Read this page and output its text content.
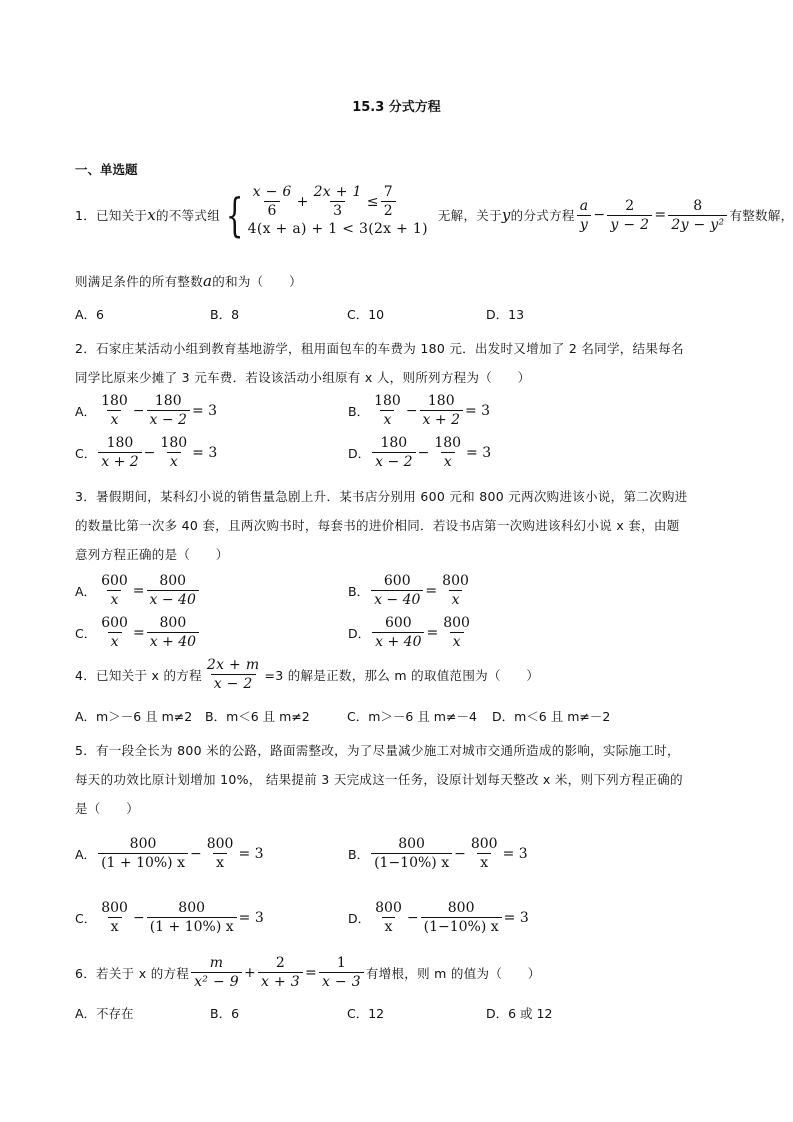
15.3 分式方程
一、单选题
1．已知关于 x 的不等式组 { $\frac{x - 6}{6} + \frac{2x + 1}{3} \le \frac{7}{2}$
4(x + a) + 1 < 3(2x + 1)
无解，关于 y 的分式方程 $\frac{a}{y} - \frac{2}{y - 2} = \frac{8}{\text{2y − y²}}$ 有整数解，
则满足条件的所有整数a的和为（　　）
A．6	B．8	C．10	D．13
2．石家庄某活动小组到教育基地游学，租用面包车的车费为 180 元．出发时又增加了 2 名同学，结果每名
同学比原来少摊了 3 元车费．若设该活动小组原有 x 人，则所列方程为（　　）
A． $\frac{180}{x} - \frac{180}{x - 2} = 3$	B． $\frac{180}{x} - \frac{180}{x + 2} = 3$
C． $\frac{180}{x + 2} - \frac{180}{x} = 3$	D． $\frac{180}{x - 2} - \frac{180}{x} = 3$
3．暑假期间，某科幻小说的销售量急剧上升．某书店分别用 600 元和 800 元两次购进该小说，第二次购进
的数量比第一次多 40 套，且两次购书时，每套书的进价相同．若设书店第一次购进该科幻小说 x 套，由题
意列方程正确的是（　　）
A． $\frac{600}{x} = \frac{800}{x - 40}$	B． $\frac{600}{x - 40} = \frac{800}{x}$
C． $\frac{600}{x} = \frac{800}{x + 40}$	D． $\frac{600}{x + 40} = \frac{800}{x}$
4．已知关于 x 的方程 $\frac{2x + m}{x - 2} =3$ 的解是正数，那么 m 的取值范围为（　　）
A．m＞－6 且 m≠2 B．m＜6 且 m≠2	C．m＞－6 且 m≠－4 D．m＜6 且 m≠－2
5．有一段全长为 800 米的公路，路面需整改，为了尽量减少施工对城市交通所造成的影响，实际施工时，
每天的功效比原计划增加 10%， 结果提前 3 天完成这一任务，设原计划每天整改 x 米，则下列方程正确的
是（　　）
A． $\frac{800}{(1 + 10\%) x} - \frac{800}{x} = 3$	B． $\frac{800}{(1-10\%) x} - \frac{800}{x} = 3$
C． $\frac{800}{x} - \frac{800}{(1 + 10\%) x} = 3$	D． $\frac{800}{x} - \frac{800}{(1-10\%) x} = 3$
6．若关于 x 的方程 $\frac{m}{\text{x² − 9}} + \frac{2}{x + 3} = \frac{1}{x - 3}$ 有增根，则 m 的值为（　　）
A．不存在	B．6	C．12	D．6 或 12
